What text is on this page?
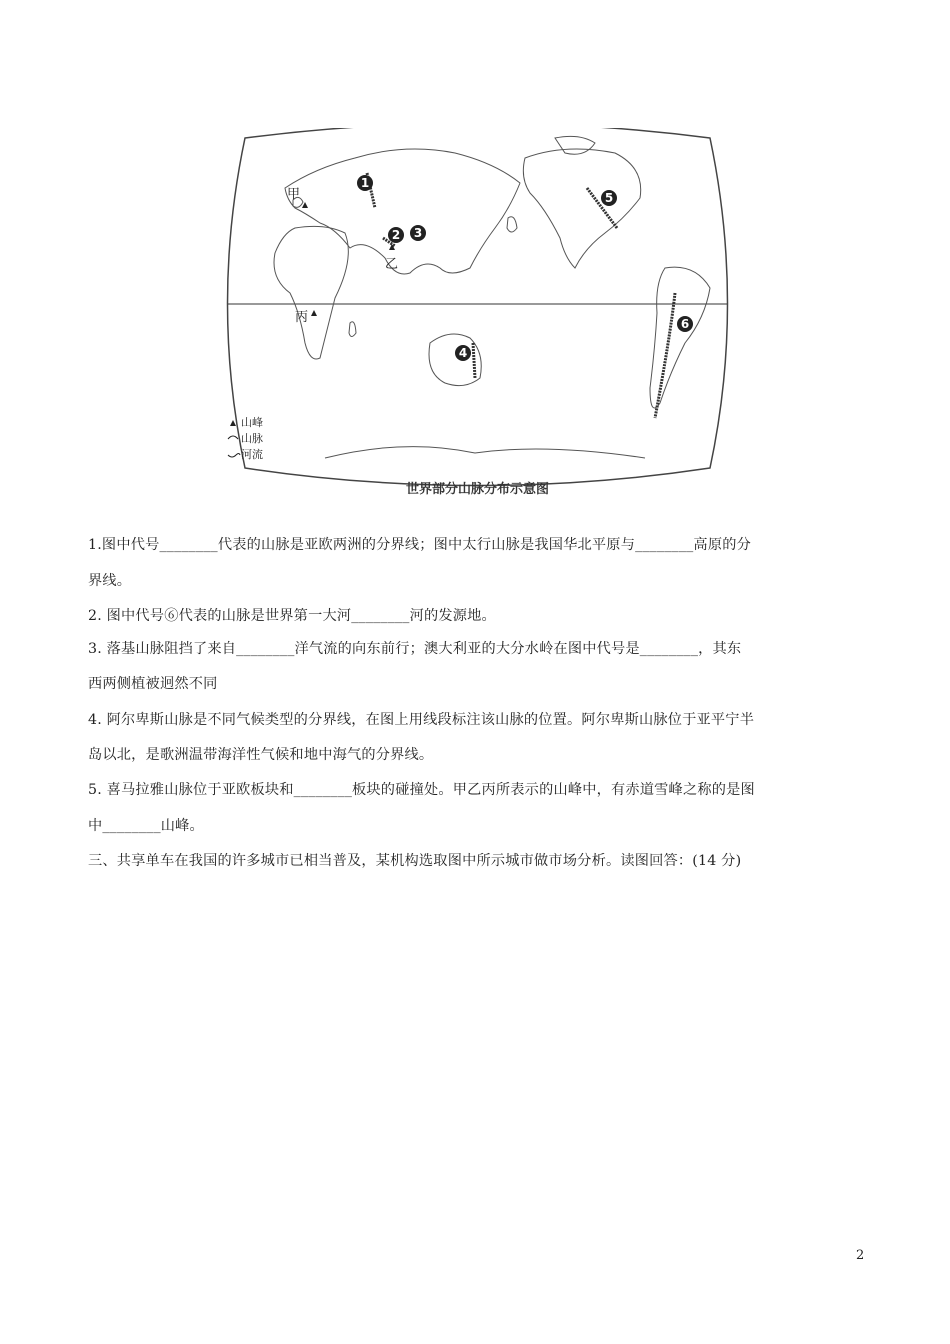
1
2 3
4
5
6
甲
乙
丙
山峰
山脉
河流
世界部分山脉分布示意图

1.图中代号________代表的山脉是亚欧两洲的分界线；图中太行山脉是我国华北平原与________高原的分

界线。

2. 图中代号⑥代表的山脉是世界第一大河________河的发源地。

3. 落基山脉阻挡了来自________洋气流的向东前行；澳大利亚的大分水岭在图中代号是________，其东

西两侧植被迥然不同

4. 阿尔卑斯山脉是不同气候类型的分界线，在图上用线段标注该山脉的位置。阿尔卑斯山脉位于亚平宁半

岛以北，是歌洲温带海洋性气候和地中海气的分界线。

5. 喜马拉雅山脉位于亚欧板块和________板块的碰撞处。甲乙丙所表示的山峰中，有赤道雪峰之称的是图

中________山峰。

三、共享单车在我国的许多城市已相当普及，某机构选取图中所示城市做市场分析。读图回答：(14 分)

2
